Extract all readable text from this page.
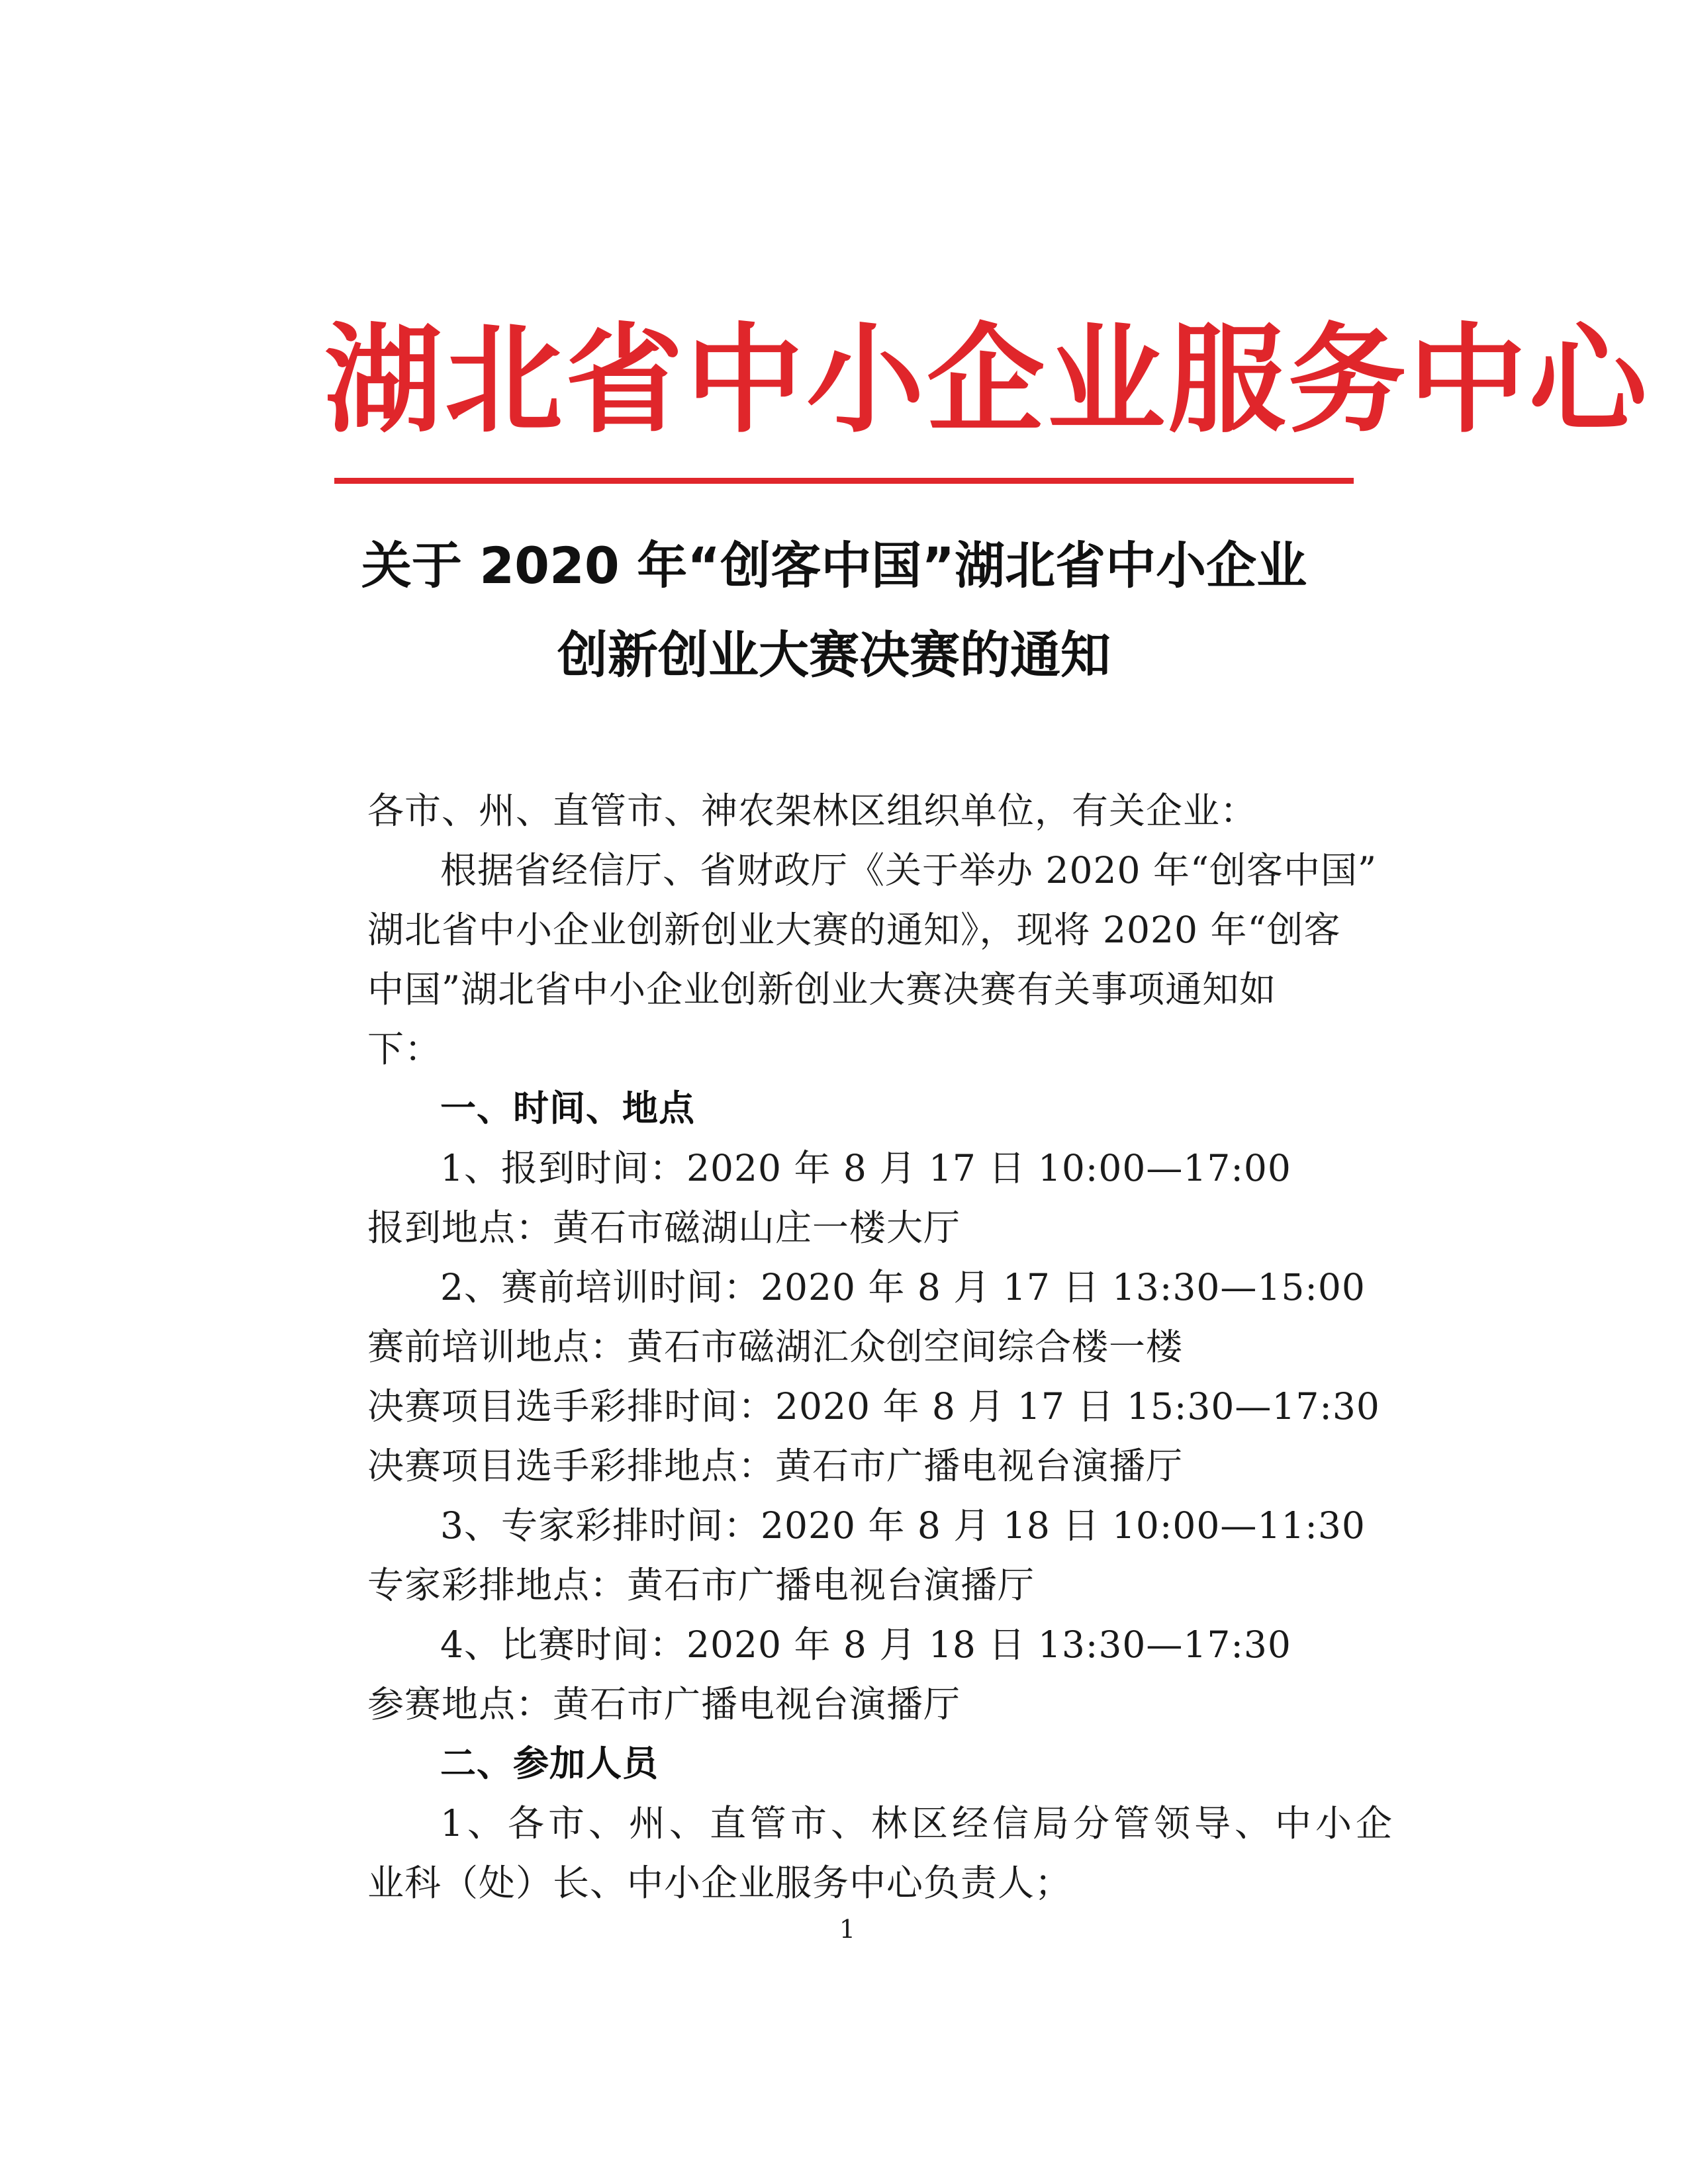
湖北省中小企业服务中心
关于 2020 年“创客中国”湖北省中小企业
创新创业大赛决赛的通知
各市、州、直管市、神农架林区组织单位，有关企业：
根据省经信厅、省财政厅《关于举办 2020 年“创客中国”
湖北省中小企业创新创业大赛的通知》，现将 2020 年“创客
中国”湖北省中小企业创新创业大赛决赛有关事项通知如
下：
一、时间、地点
1、报到时间：2020 年 8 月 17 日 10:00—17:00
报到地点：黄石市磁湖山庄一楼大厅
2、赛前培训时间：2020 年 8 月 17 日 13:30—15:00
赛前培训地点：黄石市磁湖汇众创空间综合楼一楼
决赛项目选手彩排时间：2020 年 8 月 17 日 15:30—17:30
决赛项目选手彩排地点：黄石市广播电视台演播厅
3、专家彩排时间：2020 年 8 月 18 日 10:00—11:30
专家彩排地点：黄石市广播电视台演播厅
4、比赛时间：2020 年 8 月 18 日 13:30—17:30
参赛地点：黄石市广播电视台演播厅
二、参加人员
1、各市、州、直管市、林区经信局分管领导、中小企
业科（处）长、中小企业服务中心负责人；
1
